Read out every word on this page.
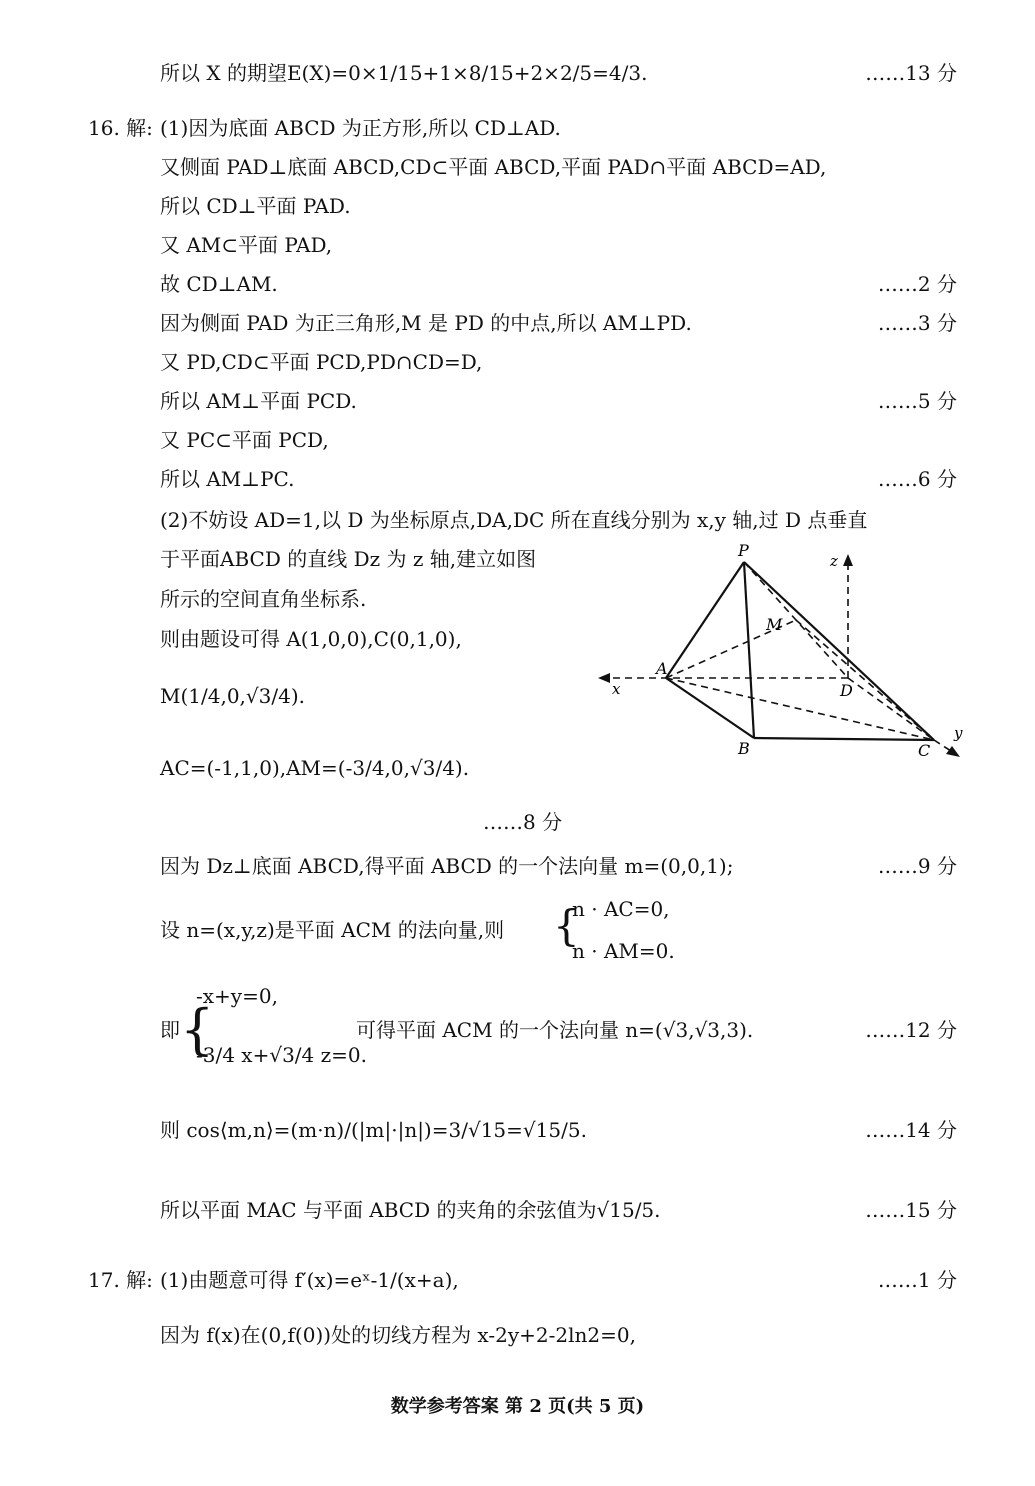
所以 X 的期望E(X)=0×1/15+1×8/15+2×2/5=4/3.	……13 分
16. 解: (1)因为底面 ABCD 为正方形,所以 CD⊥AD.
又侧面 PAD⊥底面 ABCD,CD⊂平面 ABCD,平面 PAD∩平面 ABCD=AD,
所以 CD⊥平面 PAD.
又 AM⊂平面 PAD,
故 CD⊥AM.	……2 分
因为侧面 PAD 为正三角形,M 是 PD 的中点,所以 AM⊥PD.	……3 分
又 PD,CD⊂平面 PCD,PD∩CD=D,
所以 AM⊥平面 PCD.	……5 分
又 PC⊂平面 PCD,
所以 AM⊥PC.	……6 分
(2)不妨设 AD=1,以 D 为坐标原点,DA,DC 所在直线分别为 x,y 轴,过 D 点垂直
于平面ABCD 的直线 Dz 为 z 轴,建立如图
所示的空间直角坐标系.
则由题设可得 A(1,0,0),C(0,1,0),
M(1/4,0,√3/4).
AC=(-1,1,0),AM=(-3/4,0,√3/4).
……8 分
P
M
A
D
B	C
x
y
z
因为 Dz⊥底面 ABCD,得平面 ABCD 的一个法向量 m=(0,0,1);	……9 分
设 n=(x,y,z)是平面 ACM 的法向量,则 {
n · AC=0,
n · AM=0.
即 {
-x+y=0,
-3/4 x+√3/4 z=0.
可得平面 ACM 的一个法向量 n=(√3,√3,3).	……12 分
则 cos⟨m,n⟩=(m·n)/(|m|·|n|)=3/√15=√15/5.	……14 分
所以平面 MAC 与平面 ABCD 的夹角的余弦值为√15/5.	……15 分
17. 解: (1)由题意可得 f′(x)=eˣ-1/(x+a),	……1 分
因为 f(x)在(0,f(0))处的切线方程为 x-2y+2-2ln2=0,
数学参考答案 第 2 页(共 5 页)
